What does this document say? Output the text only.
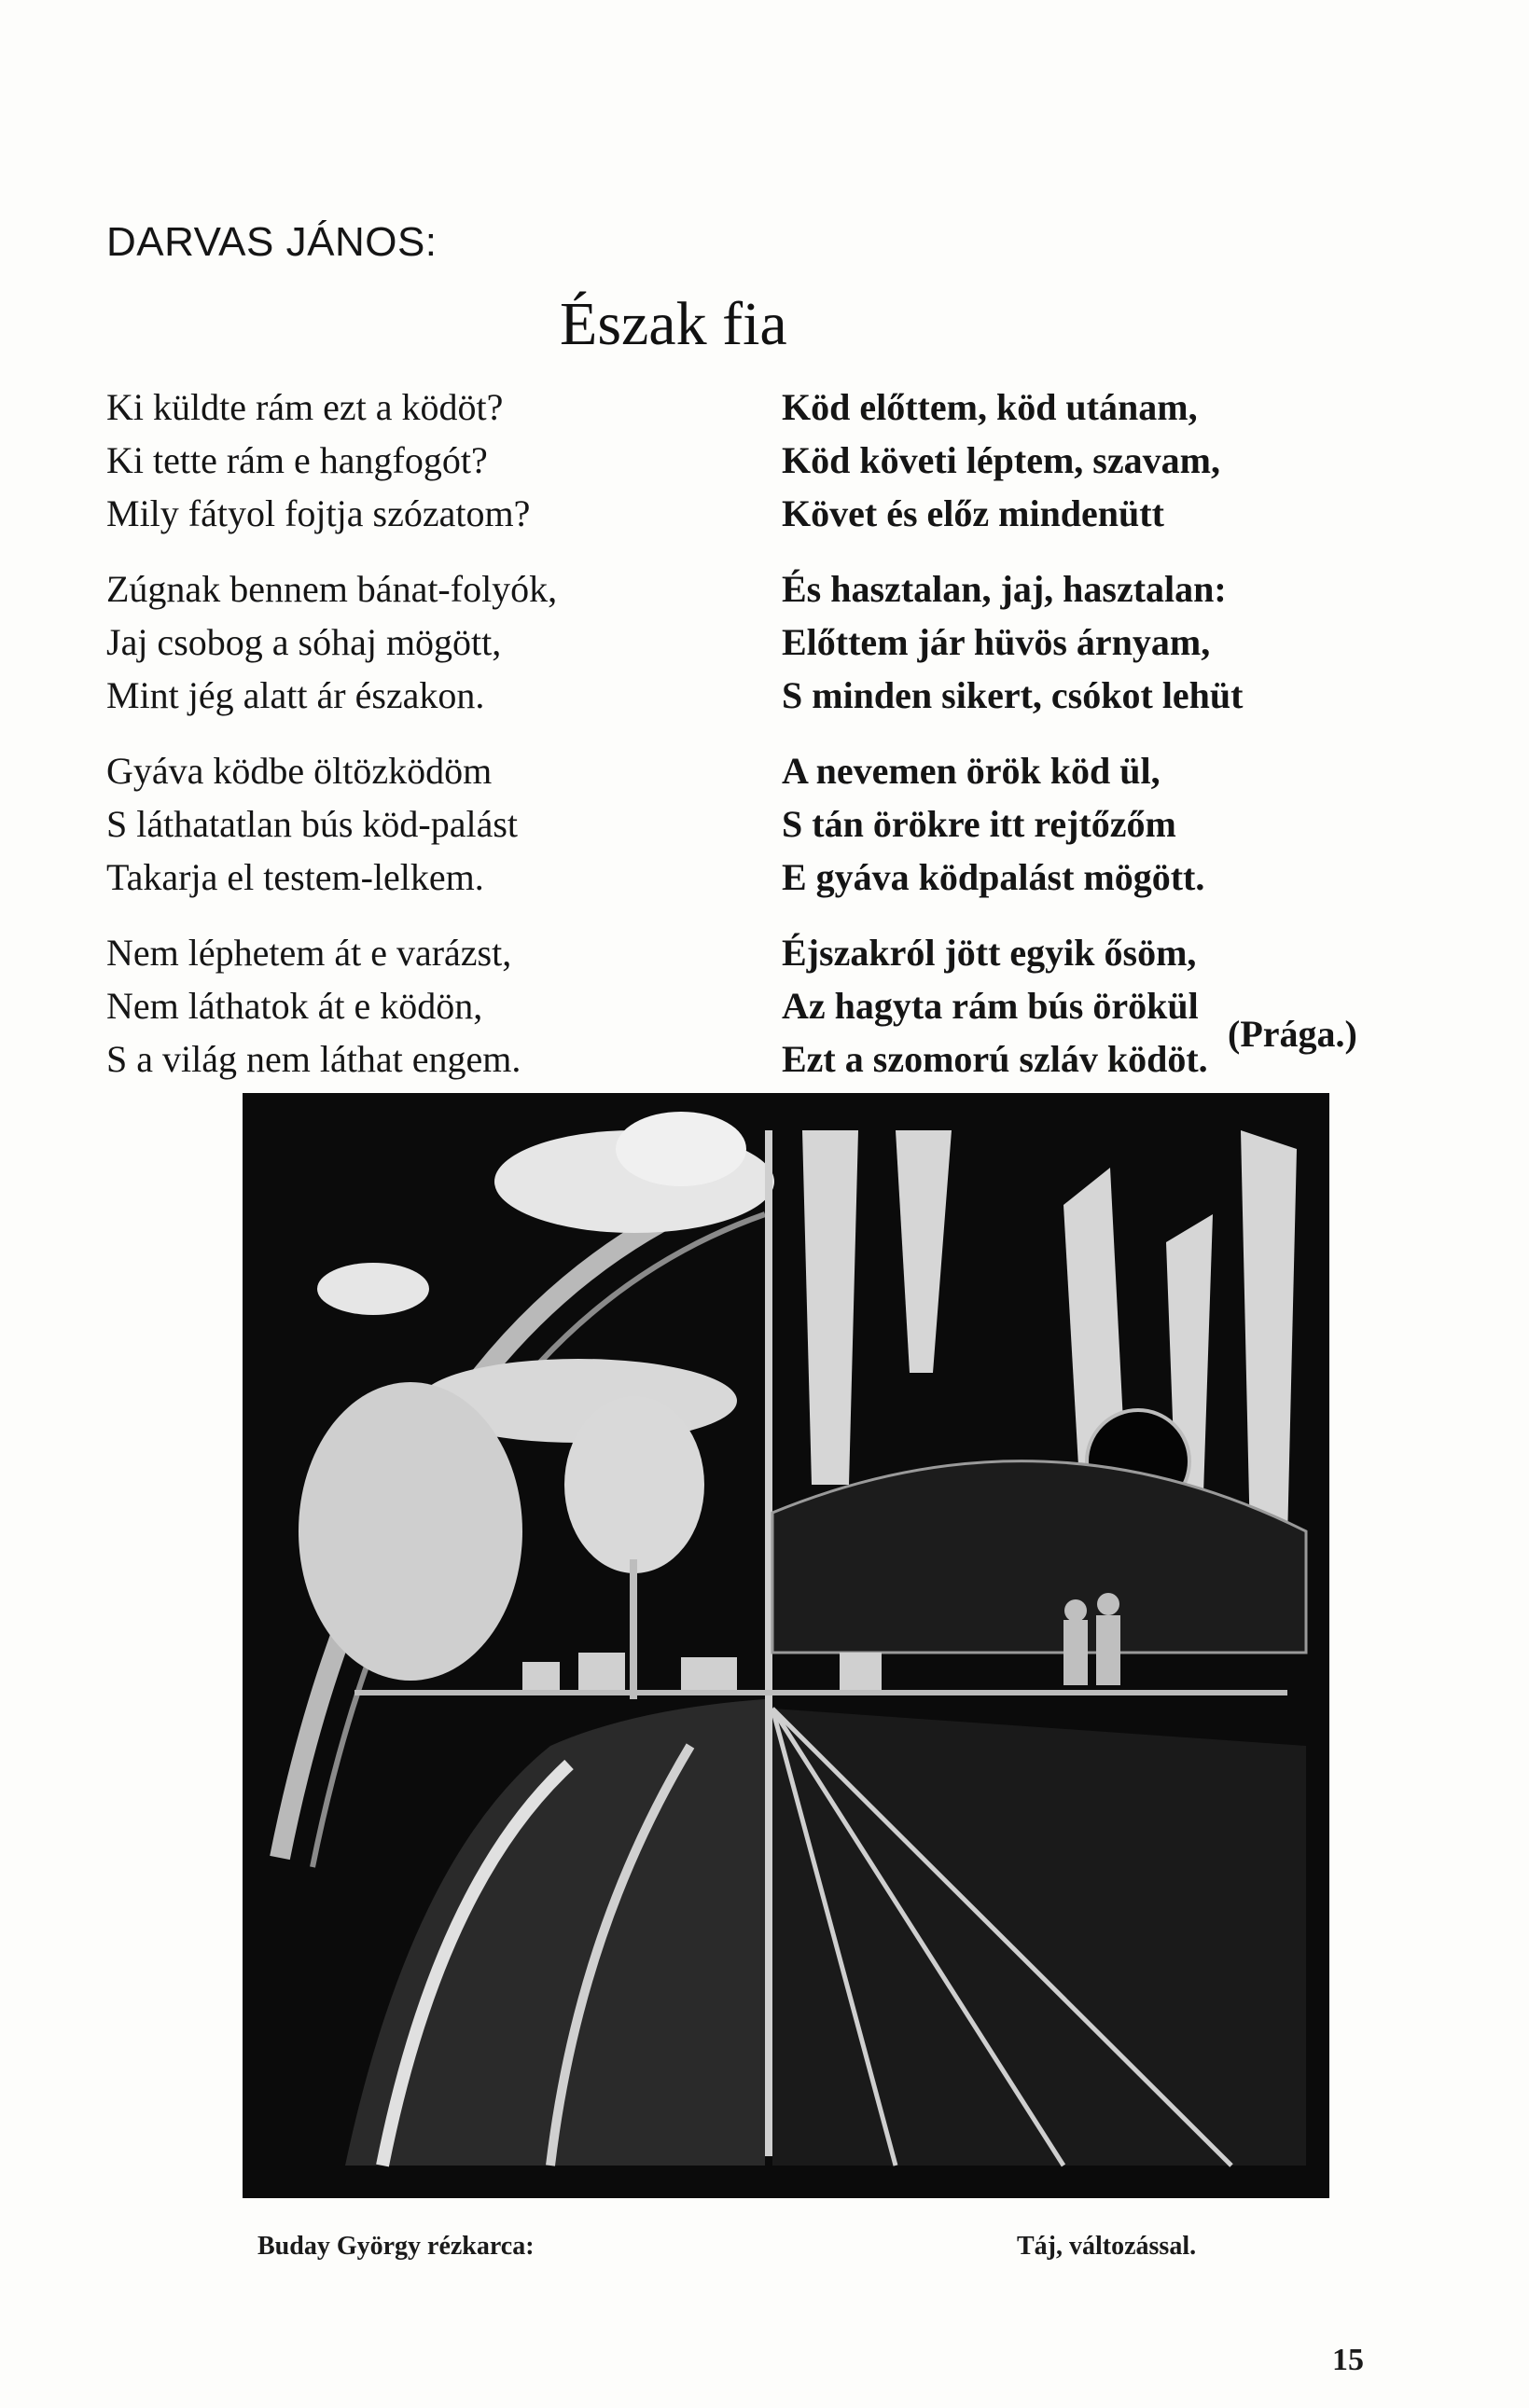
DARVAS JÁNOS:
Észak fia
Ki küldte rám ezt a ködöt?
Ki tette rám e hangfogót?
Mily fátyol fojtja szózatom?
Zúgnak bennem bánat-folyók,
Jaj csobog a sóhaj mögött,
Mint jég alatt ár északon.
Gyáva ködbe öltözködöm
S láthatatlan bús köd-palást
Takarja el testem-lelkem.
Nem léphetem át e varázst,
Nem láthatok át e ködön,
S a világ nem láthat engem.
Köd előttem, köd utánam,
Köd követi léptem, szavam,
Követ és előz mindenütt
És hasztalan, jaj, hasztalan:
Előttem jár hüvös árnyam,
S minden sikert, csókot lehüt
A nevemen örök köd ül,
S tán örökre itt rejtőzőm
E gyáva ködpalást mögött.
Éjszakról jött egyik ősöm,
Az hagyta rám bús örökül
Ezt a szomorú szláv ködöt.
(Prága.)
Buday György rézkarca:	Táj, változással.
15
